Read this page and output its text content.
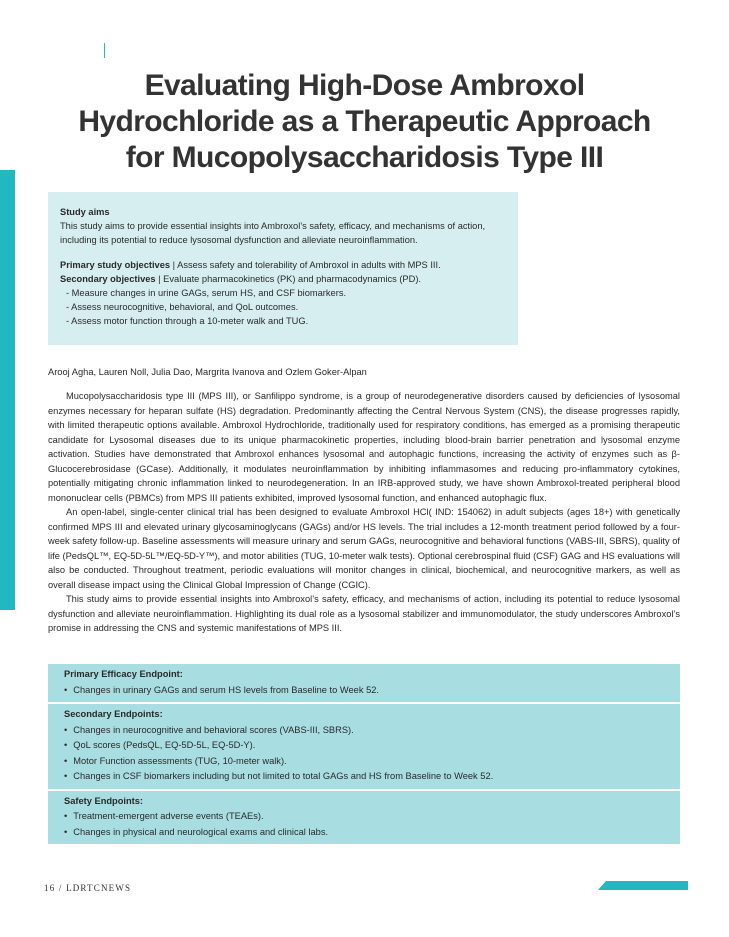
Evaluating High-Dose Ambroxol
Hydrochloride as a Therapeutic Approach
for Mucopolysaccharidosis Type III
Study aims
This study aims to provide essential insights into Ambroxol’s safety, efficacy, and mechanisms of action, including its potential to reduce lysosomal dysfunction and alleviate neuroinflammation.
Primary study objectives | Assess safety and tolerability of Ambroxol in adults with MPS III.
Secondary objectives | Evaluate pharmacokinetics (PK) and pharmacodynamics (PD).
- Measure changes in urine GAGs, serum HS, and CSF biomarkers.
- Assess neurocognitive, behavioral, and QoL outcomes.
- Assess motor function through a 10-meter walk and TUG.
Arooj Agha, Lauren Noll, Julia Dao, Margrita Ivanova and Ozlem Goker-Alpan

Mucopolysaccharidosis type III (MPS III), or Sanfilippo syndrome, is a group of neurodegenerative disorders caused by deficiencies of lysosomal enzymes necessary for heparan sulfate (HS) degradation. Predominantly affecting the Central Nervous System (CNS), the disease progresses rapidly, with limited therapeutic options available. Ambroxol Hydrochloride, traditionally used for respiratory conditions, has emerged as a promising therapeutic candidate for Lysosomal diseases due to its unique pharmacokinetic properties, including blood-brain barrier penetration and lysosomal enzyme activation. Studies have demonstrated that Ambroxol enhances lysosomal and autophagic functions, increasing the activity of enzymes such as β-Glucocerebrosidase (GCase). Additionally, it modulates neuroinflammation by inhibiting inflammasomes and reducing pro-inflammatory cytokines, potentially mitigating chronic inflammation linked to neurodegeneration. In an IRB-approved study, we have shown Ambroxol-treated peripheral blood mononuclear cells (PBMCs) from MPS III patients exhibited, improved lysosomal function, and enhanced autophagic flux.

An open-label, single-center clinical trial has been designed to evaluate Ambroxol HCl( IND: 154062) in adult subjects (ages 18+) with genetically confirmed MPS III and elevated urinary glycosaminoglycans (GAGs) and/or HS levels. The trial includes a 12-month treatment period followed by a four-week safety follow-up. Baseline assessments will measure urinary and serum GAGs, neurocognitive and behavioral functions (VABS-III, SBRS), quality of life (PedsQL™, EQ-5D-5L™/EQ-5D-Y™), and motor abilities (TUG, 10-meter walk tests). Optional cerebrospinal fluid (CSF) GAG and HS evaluations will also be conducted. Throughout treatment, periodic evaluations will monitor changes in clinical, biochemical, and neurocognitive markers, as well as overall disease impact using the Clinical Global Impression of Change (CGIC).

This study aims to provide essential insights into Ambroxol’s safety, efficacy, and mechanisms of action, including its potential to reduce lysosomal dysfunction and alleviate neuroinflammation. Highlighting its dual role as a lysosomal stabilizer and immunomodulator, the study underscores Ambroxol’s promise in addressing the CNS and systemic manifestations of MPS III.

Primary Efficacy Endpoint:
• Changes in urinary GAGs and serum HS levels from Baseline to Week 52.
Secondary Endpoints:
• Changes in neurocognitive and behavioral scores (VABS-III, SBRS).
• QoL scores (PedsQL, EQ-5D-5L, EQ-5D-Y).
• Motor Function assessments (TUG, 10-meter walk).
• Changes in CSF biomarkers including but not limited to total GAGs and HS from Baseline to Week 52.
Safety Endpoints:
• Treatment-emergent adverse events (TEAEs).
• Changes in physical and neurological exams and clinical labs.
16 / LDRTCNEWS
